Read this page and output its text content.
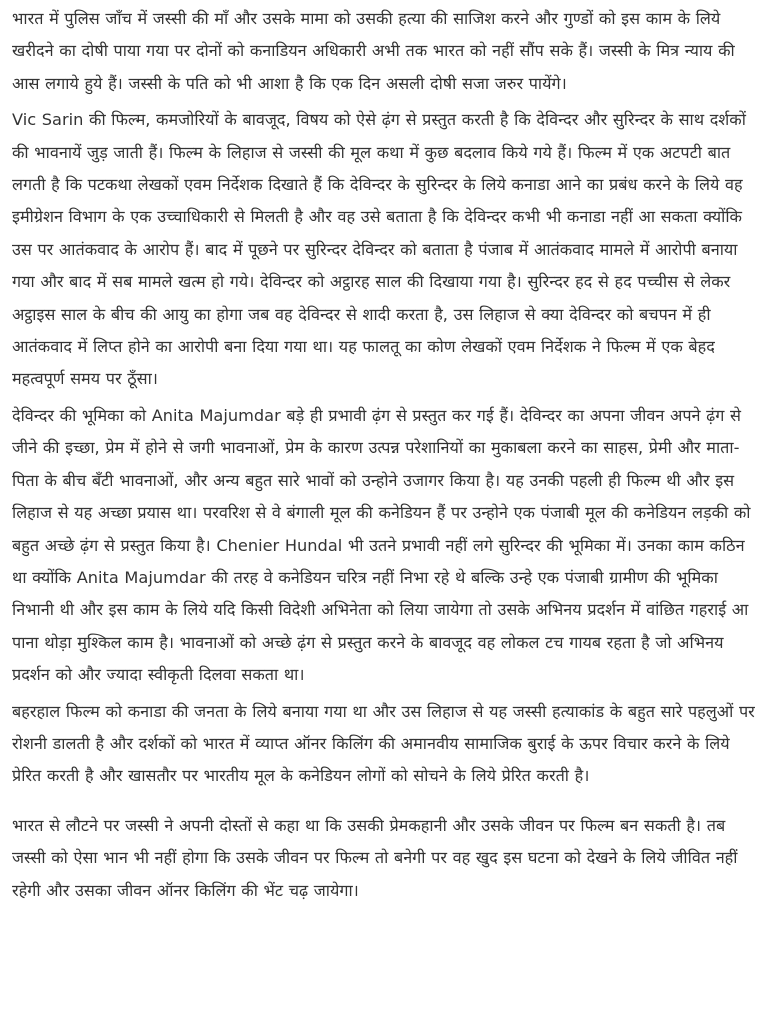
भारत में पुलिस जाँच में जस्सी की माँ और उसके मामा को उसकी हत्या की साजिश करने और गुण्डों को इस काम के लिये खरीदने का दोषी पाया गया पर दोनों को कनाडियन अधिकारी अभी तक भारत को नहीं सौंप सके हैं। जस्सी के मित्र न्याय की आस लगाये हुये हैं। जस्सी के पति को भी आशा है कि एक दिन असली दोषी सजा जरुर पायेंगे।

Vic Sarin की फिल्म, कमजोरियों के बावजूद, विषय को ऐसे ढ़ंग से प्रस्तुत करती है कि देविन्दर और सुरिन्दर के साथ दर्शकों की भावनायें जुड़ जाती हैं। फिल्म के लिहाज से जस्सी की मूल कथा में कुछ बदलाव किये गये हैं। फिल्म में एक अटपटी बात लगती है कि पटकथा लेखकों एवम निर्देशक दिखाते हैं कि देविन्दर के सुरिन्दर के लिये कनाडा आने का प्रबंध करने के लिये वह इमीग्रेशन विभाग के एक उच्चाधिकारी से मिलती है और वह उसे बताता है कि देविन्दर कभी भी कनाडा नहीं आ सकता क्योंकि उस पर आतंकवाद के आरोप हैं। बाद में पूछने पर सुरिन्दर देविन्दर को बताता है पंजाब में आतंकवाद मामले में आरोपी बनाया गया और बाद में सब मामले खत्म हो गये। देविन्दर को अट्ठारह साल की दिखाया गया है। सुरिन्दर हद से हद पच्चीस से लेकर अट्ठाइस साल के बीच की आयु का होगा जब वह देविन्दर से शादी करता है, उस लिहाज से क्या देविन्दर को बचपन में ही आतंकवाद में लिप्त होने का आरोपी बना दिया गया था। यह फालतू का कोण लेखकों एवम निर्देशक ने फिल्म में एक बेहद महत्वपूर्ण समय पर ठूँसा।

देविन्दर की भूमिका को Anita Majumdar बड़े ही प्रभावी ढ़ंग से प्रस्तुत कर गई हैं। देविन्दर का अपना जीवन अपने ढ़ंग से जीने की इच्छा, प्रेम में होने से जगी भावनाओं, प्रेम के कारण उत्पन्न परेशानियों का मुकाबला करने का साहस, प्रेमी और माता-पिता के बीच बँटी भावनाओं, और अन्य बहुत सारे भावों को उन्होने उजागर किया है। यह उनकी पहली ही फिल्म थी और इस लिहाज से यह अच्छा प्रयास था। परवरिश से वे बंगाली मूल की कनेडियन हैं पर उन्होने एक पंजाबी मूल की कनेडियन लड़की को बहुत अच्छे ढ़ंग से प्रस्तुत किया है। Chenier Hundal भी उतने प्रभावी नहीं लगे सुरिन्दर की भूमिका में। उनका काम कठिन था क्योंकि Anita Majumdar की तरह वे कनेडियन चरित्र नहीं निभा रहे थे बल्कि उन्हे एक पंजाबी ग्रामीण की भूमिका निभानी थी और इस काम के लिये यदि किसी विदेशी अभिनेता को लिया जायेगा तो उसके अभिनय प्रदर्शन में वांछित गहराई आ पाना थोड़ा मुश्किल काम है। भावनाओं को अच्छे ढ़ंग से प्रस्तुत करने के बावजूद वह लोकल टच गायब रहता है जो अभिनय प्रदर्शन को और ज्यादा स्वीकृती दिलवा सकता था।

बहरहाल फिल्म को कनाडा की जनता के लिये बनाया गया था और उस लिहाज से यह जस्सी हत्याकांड के बहुत सारे पहलुओं पर रोशनी डालती है और दर्शकों को भारत में व्याप्त ऑनर किलिंग की अमानवीय सामाजिक बुराई के ऊपर विचार करने के लिये प्रेरित करती है और खासतौर पर भारतीय मूल के कनेडियन लोगों को सोचने के लिये प्रेरित करती है।

भारत से लौटने पर जस्सी ने अपनी दोस्तों से कहा था कि उसकी प्रेमकहानी और उसके जीवन पर फिल्म बन सकती है। तब जस्सी को ऐसा भान भी नहीं होगा कि उसके जीवन पर फिल्म तो बनेगी पर वह खुद इस घटना को देखने के लिये जीवित नहीं रहेगी और उसका जीवन ऑनर किलिंग की भेंट चढ़ जायेगा।
